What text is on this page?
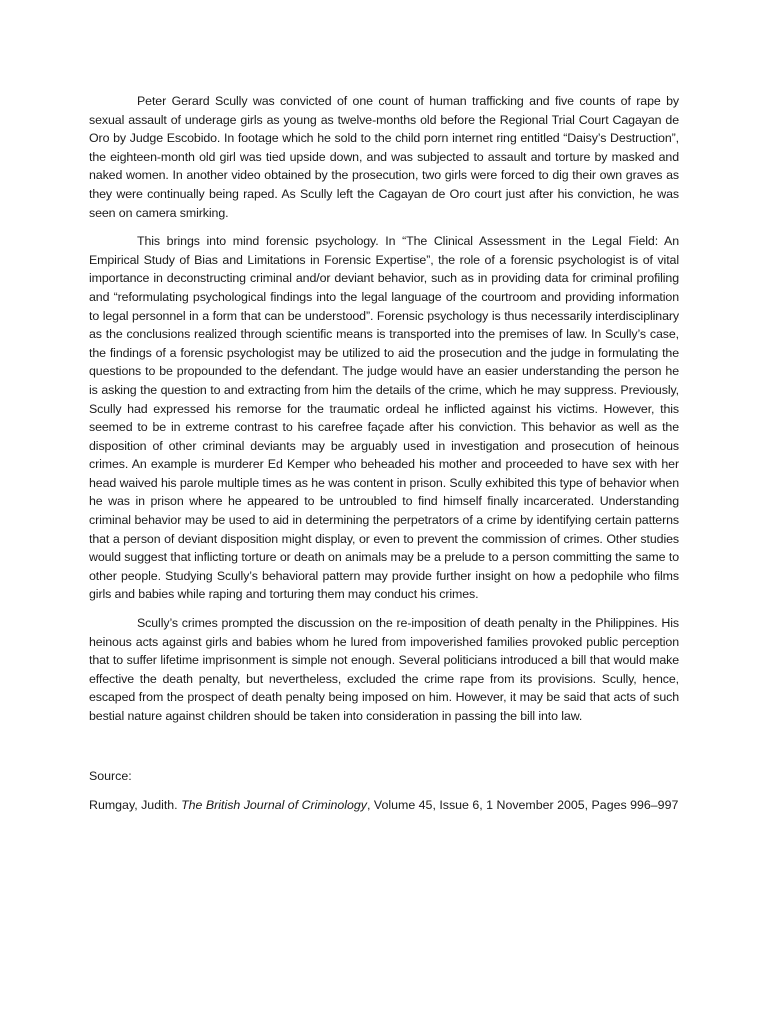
Peter Gerard Scully was convicted of one count of human trafficking and five counts of rape by sexual assault of underage girls as young as twelve-months old before the Regional Trial Court Cagayan de Oro by Judge Escobido. In footage which he sold to the child porn internet ring entitled “Daisy’s Destruction”, the eighteen-month old girl was tied upside down, and was subjected to assault and torture by masked and naked women. In another video obtained by the prosecution, two girls were forced to dig their own graves as they were continually being raped. As Scully left the Cagayan de Oro court just after his conviction, he was seen on camera smirking.

This brings into mind forensic psychology. In “The Clinical Assessment in the Legal Field: An Empirical Study of Bias and Limitations in Forensic Expertise”, the role of a forensic psychologist is of vital importance in deconstructing criminal and/or deviant behavior, such as in providing data for criminal profiling and “reformulating psychological findings into the legal language of the courtroom and providing information to legal personnel in a form that can be understood”. Forensic psychology is thus necessarily interdisciplinary as the conclusions realized through scientific means is transported into the premises of law. In Scully’s case, the findings of a forensic psychologist may be utilized to aid the prosecution and the judge in formulating the questions to be propounded to the defendant. The judge would have an easier understanding the person he is asking the question to and extracting from him the details of the crime, which he may suppress. Previously, Scully had expressed his remorse for the traumatic ordeal he inflicted against his victims. However, this seemed to be in extreme contrast to his carefree façade after his conviction. This behavior as well as the disposition of other criminal deviants may be arguably used in investigation and prosecution of heinous crimes. An example is murderer Ed Kemper who beheaded his mother and proceeded to have sex with her head waived his parole multiple times as he was content in prison. Scully exhibited this type of behavior when he was in prison where he appeared to be untroubled to find himself finally incarcerated. Understanding criminal behavior may be used to aid in determining the perpetrators of a crime by identifying certain patterns that a person of deviant disposition might display, or even to prevent the commission of crimes. Other studies would suggest that inflicting torture or death on animals may be a prelude to a person committing the same to other people. Studying Scully’s behavioral pattern may provide further insight on how a pedophile who films girls and babies while raping and torturing them may conduct his crimes.

Scully’s crimes prompted the discussion on the re-imposition of death penalty in the Philippines. His heinous acts against girls and babies whom he lured from impoverished families provoked public perception that to suffer lifetime imprisonment is simple not enough. Several politicians introduced a bill that would make effective the death penalty, but nevertheless, excluded the crime rape from its provisions. Scully, hence, escaped from the prospect of death penalty being imposed on him. However, it may be said that acts of such bestial nature against children should be taken into consideration in passing the bill into law.

Source:

Rumgay, Judith. The British Journal of Criminology, Volume 45, Issue 6, 1 November 2005, Pages 996–997
